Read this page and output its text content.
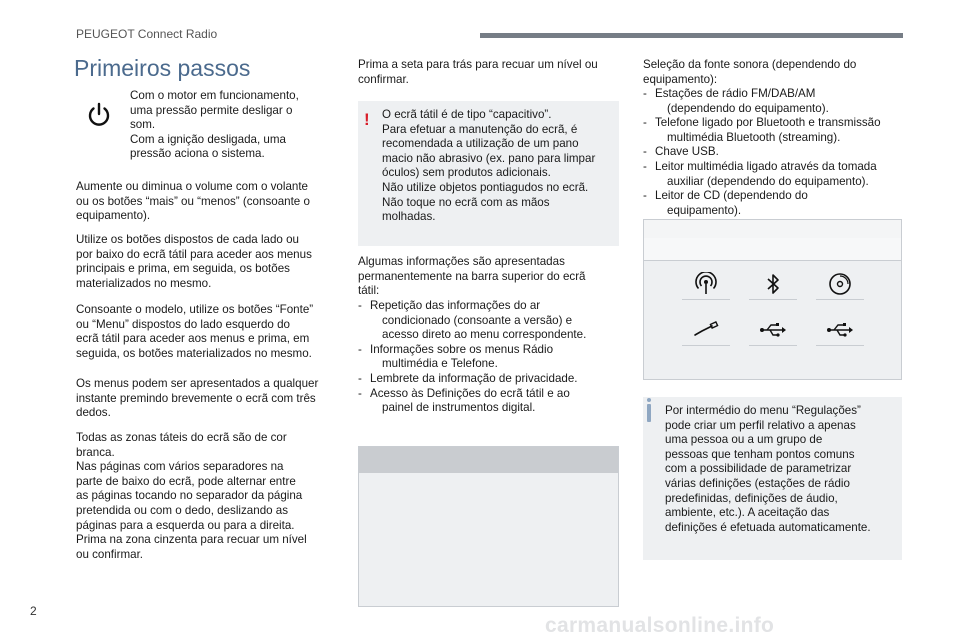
PEUGEOT Connect Radio
Primeiros passos
Com o motor em funcionamento,
uma pressão permite desligar o
som.
Com a ignição desligada, uma
pressão aciona o sistema.
Aumente ou diminua o volume com o volante
ou os botões “mais” ou “menos” (consoante o
equipamento).
Utilize os botões dispostos de cada lado ou
por baixo do ecrã tátil para aceder aos menus
principais e prima, em seguida, os botões
materializados no mesmo.
Consoante o modelo, utilize os botões “Fonte”
ou “Menu” dispostos do lado esquerdo do
ecrã tátil para aceder aos menus e prima, em
seguida, os botões materializados no mesmo.
Os menus podem ser apresentados a qualquer
instante premindo brevemente o ecrã com três
dedos.
Todas as zonas táteis do ecrã são de cor
branca.
Nas páginas com vários separadores na
parte de baixo do ecrã, pode alternar entre
as páginas tocando no separador da página
pretendida ou com o dedo, deslizando as
páginas para a esquerda ou para a direita.
Prima na zona cinzenta para recuar um nível
ou confirmar.
Prima a seta para trás para recuar um nível ou
confirmar.
! O ecrã tátil é de tipo “capacitivo”.
Para efetuar a manutenção do ecrã, é
recomendada a utilização de um pano
macio não abrasivo (ex. pano para limpar
óculos) sem produtos adicionais.
Não utilize objetos pontiagudos no ecrã.
Não toque no ecrã com as mãos
molhadas.
Algumas informações são apresentadas
permanentemente na barra superior do ecrã
tátil:
- Repetição das informações do ar
condicionado (consoante a versão) e
acesso direto ao menu correspondente.
- Informações sobre os menus Rádio
multimédia e Telefone.
- Lembrete da informação de privacidade.
- Acesso às Definições do ecrã tátil e ao
painel de instrumentos digital.
Seleção da fonte sonora (dependendo do
equipamento):
- Estações de rádio FM/DAB/AM
(dependendo do equipamento).
- Telefone ligado por Bluetooth e transmissão
multimédia Bluetooth (streaming).
- Chave USB.
- Leitor multimédia ligado através da tomada
auxiliar (dependendo do equipamento).
- Leitor de CD (dependendo do
equipamento).
Por intermédio do menu “Regulações”
pode criar um perfil relativo a apenas
uma pessoa ou a um grupo de
pessoas que tenham pontos comuns
com a possibilidade de parametrizar
várias definições (estações de rádio
predefinidas, definições de áudio,
ambiente, etc.). A aceitação das
definições é efetuada automaticamente.
2
carmanualsonline.info
